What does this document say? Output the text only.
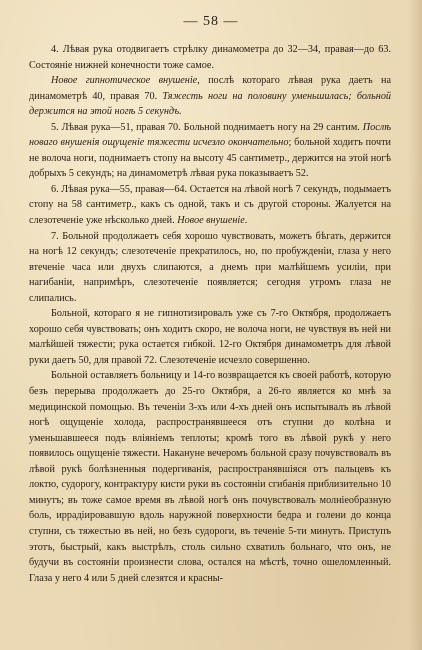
— 58 —

4. Лѣвая рука отодвигаетъ стрѣлку динамометра до 32—34, правая—до 63. Состояніе нижней конечности тоже самое.

Новое гипнотическое внушеніе, послѣ котораго лѣвая рука даетъ на динамометрѣ 40, правая 70. Тяжесть ноги на половину уменьшилась; больной держится на этой ногѣ 5 секундъ.

5. Лѣвая рука—51, правая 70. Больной поднимаетъ ногу на 29 сантим. Послѣ новаго внушенія ощущеніе тяжести исчезло окончательно; больной ходитъ почти не волоча ноги, поднимаетъ стопу на высоту 45 сантиметр., держится на этой ногѣ добрыхъ 5 секундъ; на динамометрѣ лѣвая рука показываетъ 52.

6. Лѣвая рука—55, правая—64. Остается на лѣвой ногѣ 7 секундъ, подымаетъ стопу на 58 сантиметр., какъ съ одной, такъ и съ другой стороны. Жалуется на слезотеченіе уже нѣсколько дней. Новое внушеніе.

7. Больной продолжаетъ себя хорошо чувствовать, можетъ бѣгать, держится на ногѣ 12 секундъ; слезотеченіе прекратилось, но, по пробужденіи, глаза у него втеченіе часа или двухъ слипаются, а днемъ при малѣйшемъ усиліи, при нагибаніи, напримѣръ, слезотеченіе появляется; сегодня утромъ глаза не слипались.

Больной, котораго я не гипнотизировалъ уже съ 7-го Октября, продолжаетъ хорошо себя чувствовать; онъ ходитъ скоро, не волоча ноги, не чувствуя въ ней ни малѣйшей тяжести; рука остается гибкой. 12-го Октября динамометръ для лѣвой руки даетъ 50, для правой 72. Слезотеченіе исчезло совершенно.

Больной оставляетъ больницу и 14-го возвращается къ своей работѣ, которую безъ перерыва продолжаетъ до 25-го Октября, а 26-го является ко мнѣ за медицинской помощью. Въ теченіи 3-хъ или 4-хъ дней онъ испытывалъ въ лѣвой ногѣ ощущеніе холода, распространявшееся отъ ступни до колѣна и уменьшавшееся подъ вліяніемъ теплоты; кромѣ того въ лѣвой рукѣ у него появилось ощущеніе тяжести. Накануне вечеромъ больной сразу почувствовалъ въ лѣвой рукѣ болѣзненныя подергиванія, распространявшіяся отъ пальцевъ къ локтю, судорогу, контрактуру кисти руки въ состояніи сгибанія приблизительно 10 минутъ; въ тоже самое время въ лѣвой ногѣ онъ почувствовалъ молніеобразную боль, иррадіировавшую вдоль наружной поверхности бедра и голени до конца ступни, съ тяжестью въ ней, но безъ судороги, въ теченіе 5-ти минутъ. Приступъ этотъ, быстрый, какъ выстрѣлъ, столь сильно схватилъ больнаго, что онъ, не будучи въ состояніи произнести слова, остался на мѣстѣ, точно ошеломленный. Глаза у него 4 или 5 дней слезятся и красны-
